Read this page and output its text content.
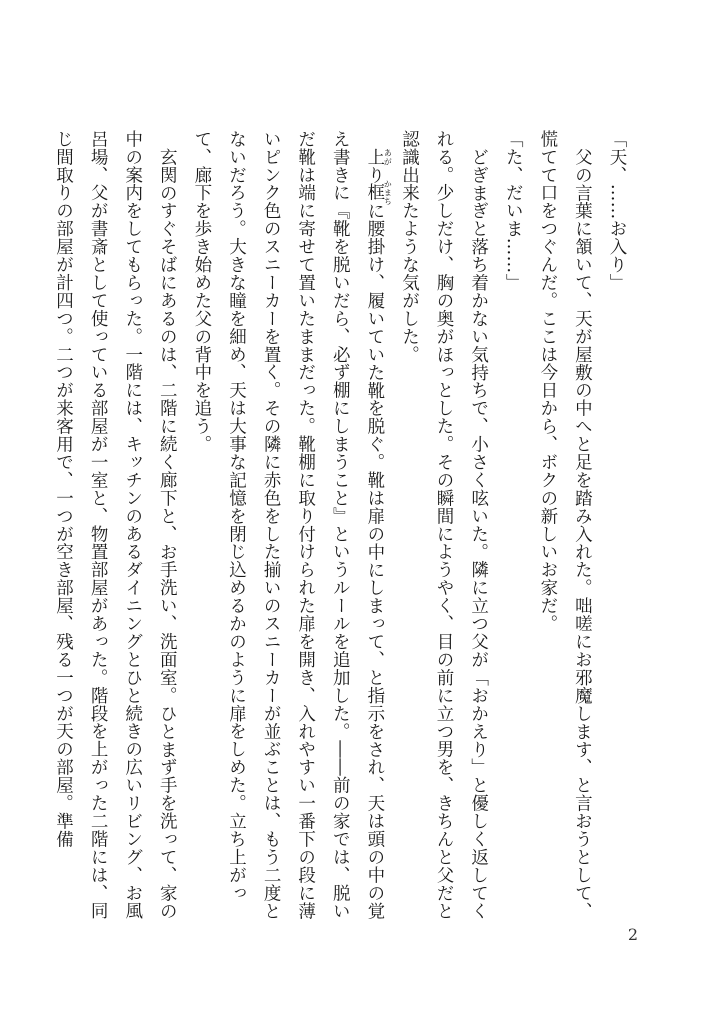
「天、……お入り」

父の言葉に頷いて、天が屋敷の中へと足を踏み入れた。咄嗟にお邪魔します、と言おうとして、慌てて口をつぐんだ。ここは今日から、ボクの新しいお家だ。

「た、だいま……」

どぎまぎと落ち着かない気持ちで、小さく呟いた。隣に立つ父が「おかえり」と優しく返してくれる。少しだけ、胸の奥がほっとした。その瞬間にようやく、目の前に立つ男を、きちんと父だと認識出来たような気がした。

上あがり框かまちに腰掛け、履いていた靴を脱ぐ。靴は扉の中にしまって、と指示をされ、天は頭の中の覚え書きに『靴を脱いだら、必ず棚にしまうこと』というルールを追加した。――前の家では、脱いだ靴は端に寄せて置いたままだった。靴棚に取り付けられた扉を開き、入れやすい一番下の段に薄いピンク色のスニーカーを置く。その隣に赤色をした揃いのスニーカーが並ぶことは、もう二度とないだろう。大きな瞳を細め、天は大事な記憶を閉じ込めるかのように扉をしめた。立ち上がって、廊下を歩き始めた父の背中を追う。

玄関のすぐそばにあるのは、二階に続く廊下と、お手洗い、洗面室。ひとまず手を洗って、家の中の案内をしてもらった。一階には、キッチンのあるダイニングとひと続きの広いリビング、お風呂場、父が書斎として使っている部屋が一室と、物置部屋があった。階段を上がった二階には、同じ間取りの部屋が計四つ。二つが来客用で、一つが空き部屋、残る一つが天の部屋。準備

2
